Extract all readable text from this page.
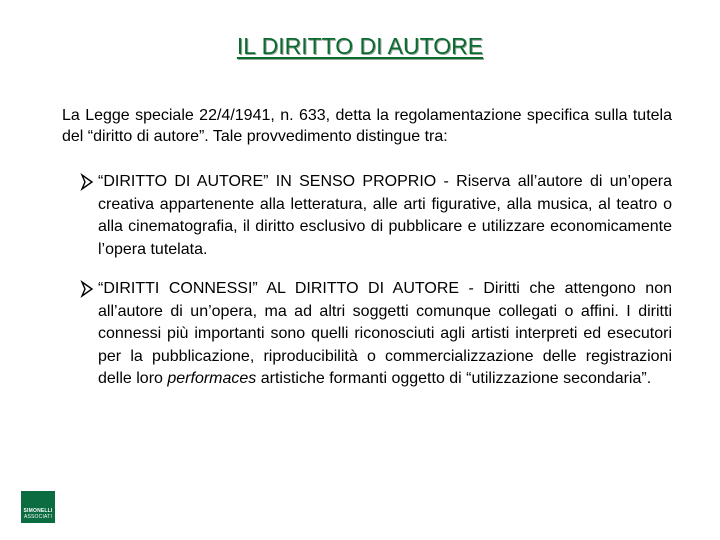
IL DIRITTO DI AUTORE

La Legge speciale 22/4/1941, n. 633, detta la regolamentazione specifica sulla tutela del “diritto di autore”. Tale provvedimento distingue tra:

“DIRITTO DI AUTORE” IN SENSO PROPRIO - Riserva all’autore di un’opera creativa appartenente alla letteratura, alle arti figurative, alla musica, al teatro o alla cinematografia, il diritto esclusivo di pubblicare e utilizzare economicamente l’opera tutelata.

“DIRITTI CONNESSI” AL DIRITTO DI AUTORE - Diritti che attengono non all’autore di un’opera, ma ad altri soggetti comunque collegati o affini. I diritti connessi più importanti sono quelli riconosciuti agli artisti interpreti ed esecutori per la pubblicazione, riproducibilità o commercializzazione delle registrazioni delle loro performaces artistiche formanti oggetto di “utilizzazione secondaria”.

SIMONELLI
ASSOCIATI
